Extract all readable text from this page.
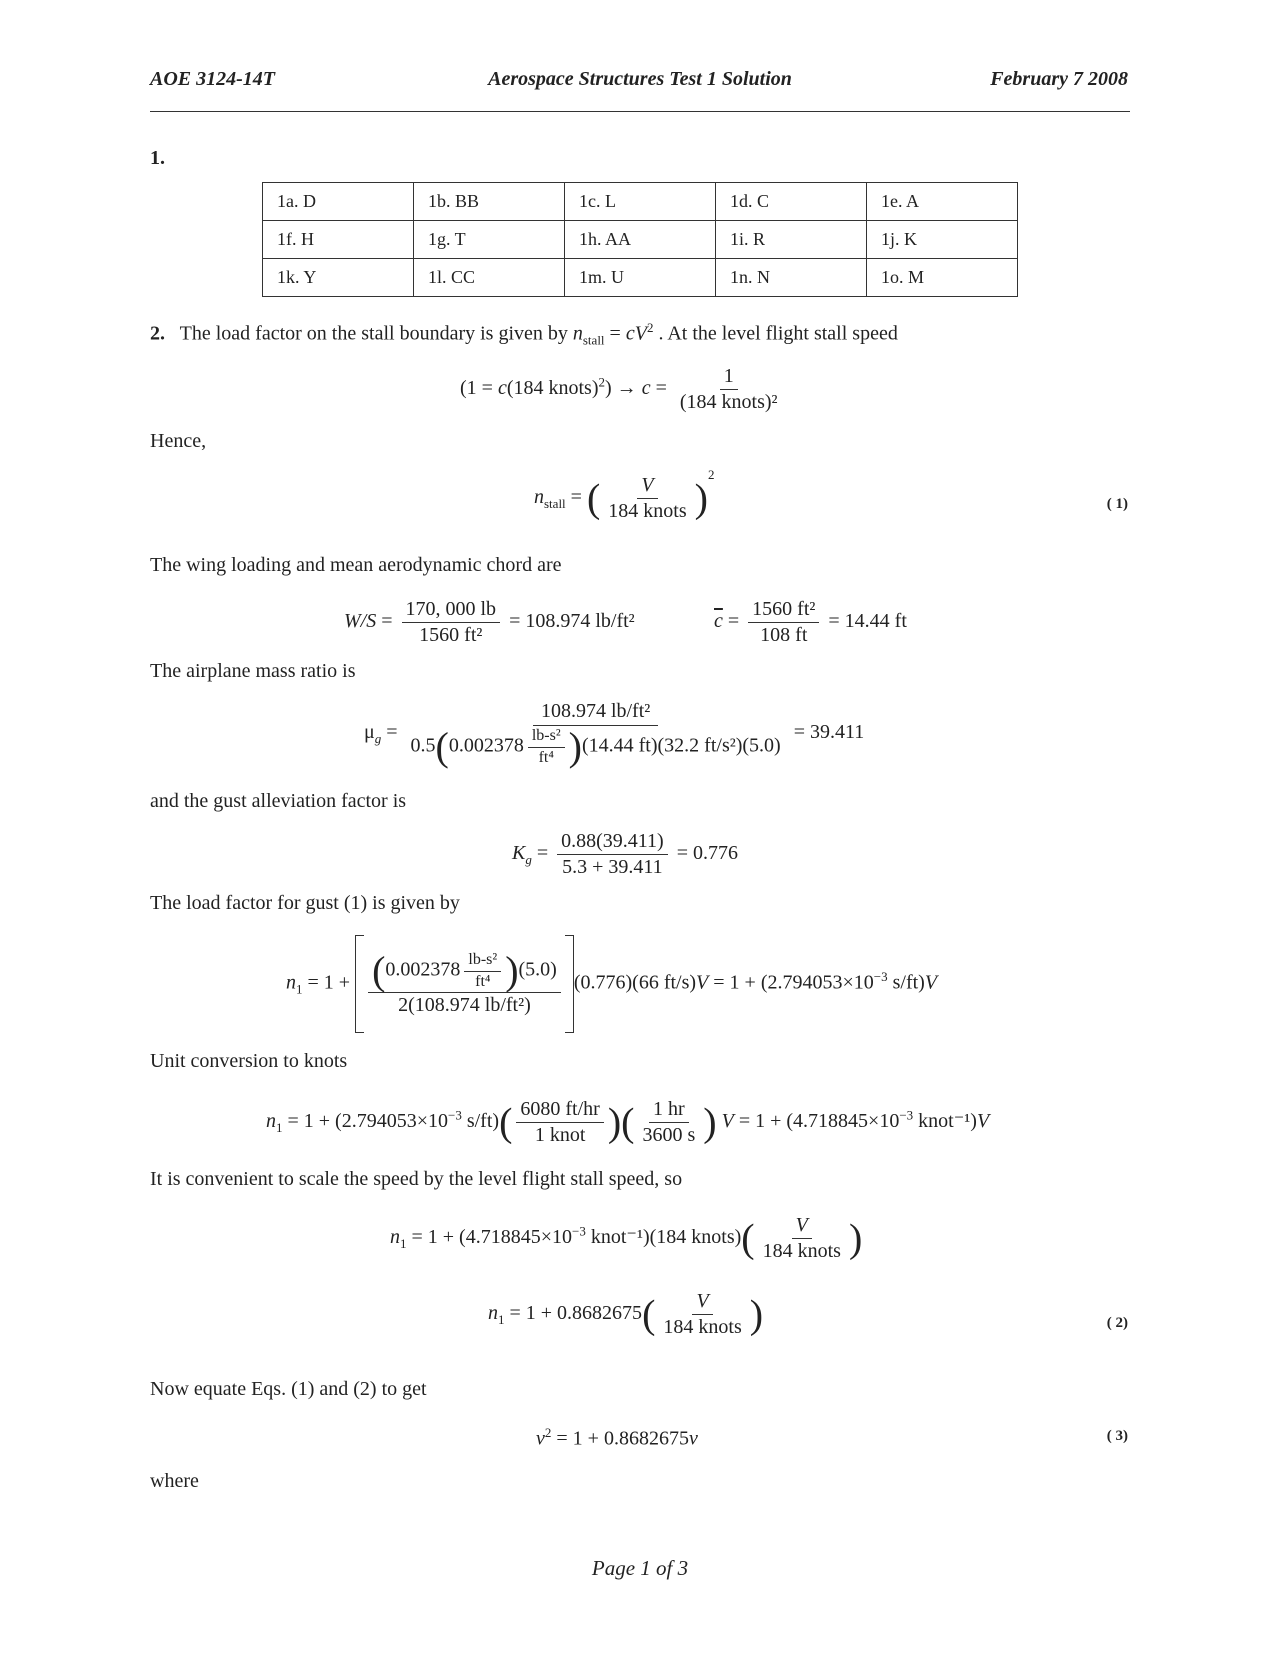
AOE 3124-14T	Aerospace Structures Test 1 Solution	February 7 2008
1.
1a. D	1b. BB	1c. L	1d. C	1e. A
1f. H	1g. T	1h. AA	1i. R	1j. K
1k. Y	1l. CC	1m. U	1n. N	1o. M
2. The load factor on the stall boundary is given by $n_{stall} = cV^2$ . At the level flight stall speed
(1 = c(184 knots)$^2$) → $c = \frac{1}{\text{(184 knots)²}}$
Hence,
$n_{stall}$ = ( $\frac{V}{\text{184 knots}} )^2$
( 1)
The wing loading and mean aerodynamic chord are
$W/S = \frac{170, 000 lb}{\text{1560 ft²}} = 108.974$ lb/ft²	$\overline{c} = \frac{\text{1560 ft²}}{108 ft} = 14.44$ ft
The airplane mass ratio is
$\mu_g = \frac{\text{108.974 lb/ft²}}{0.5(0.002378 \frac{\text{lb-s²}}{\text{ft⁴}} )(14.44 ft)(32.2 ft/s^2)(5.0)} = 39.411$
and the gust alleviation factor is
$K_g = \frac{0.88(39.411)}{5.3 + 39.411} = 0.776$
The load factor for gust (1) is given by
$n_1 = 1 + \frac{(0.002378 \frac{\text{lb-s²}}{\text{ft⁴}} )(5.0)}{\text{2(108.974 lb/ft²)}} (0.776)(66$ $ft/s)V = 1 + (2.794053\times 10^{-3}$ s/ft)V
Unit conversion to knots
$n_1 = 1 + (2.794053\times 10^{-3}$ $s/ft)( \frac{6080 ft/hr}{\text{1 knot}}$ )( $\frac{1 hr}{3600 s}$ ) $V = 1 + (4.718845\times 10^{-3}$ knot⁻¹)V
It is convenient to scale the speed by the level flight stall speed, so
$n_1 = 1 + (4.718845\times 10^{-3}$ knot⁻¹)(184 knots)( $\frac{V}{\text{184 knots}}$ )
$n_1 = 1 + 0.8682675( \frac{V}{\text{184 knots}}$ )	( 2)
Now equate Eqs. (1) and (2) to get
$v^2 = 1 + 0.8682675v$	( 3)
where
Page 1 of 3
